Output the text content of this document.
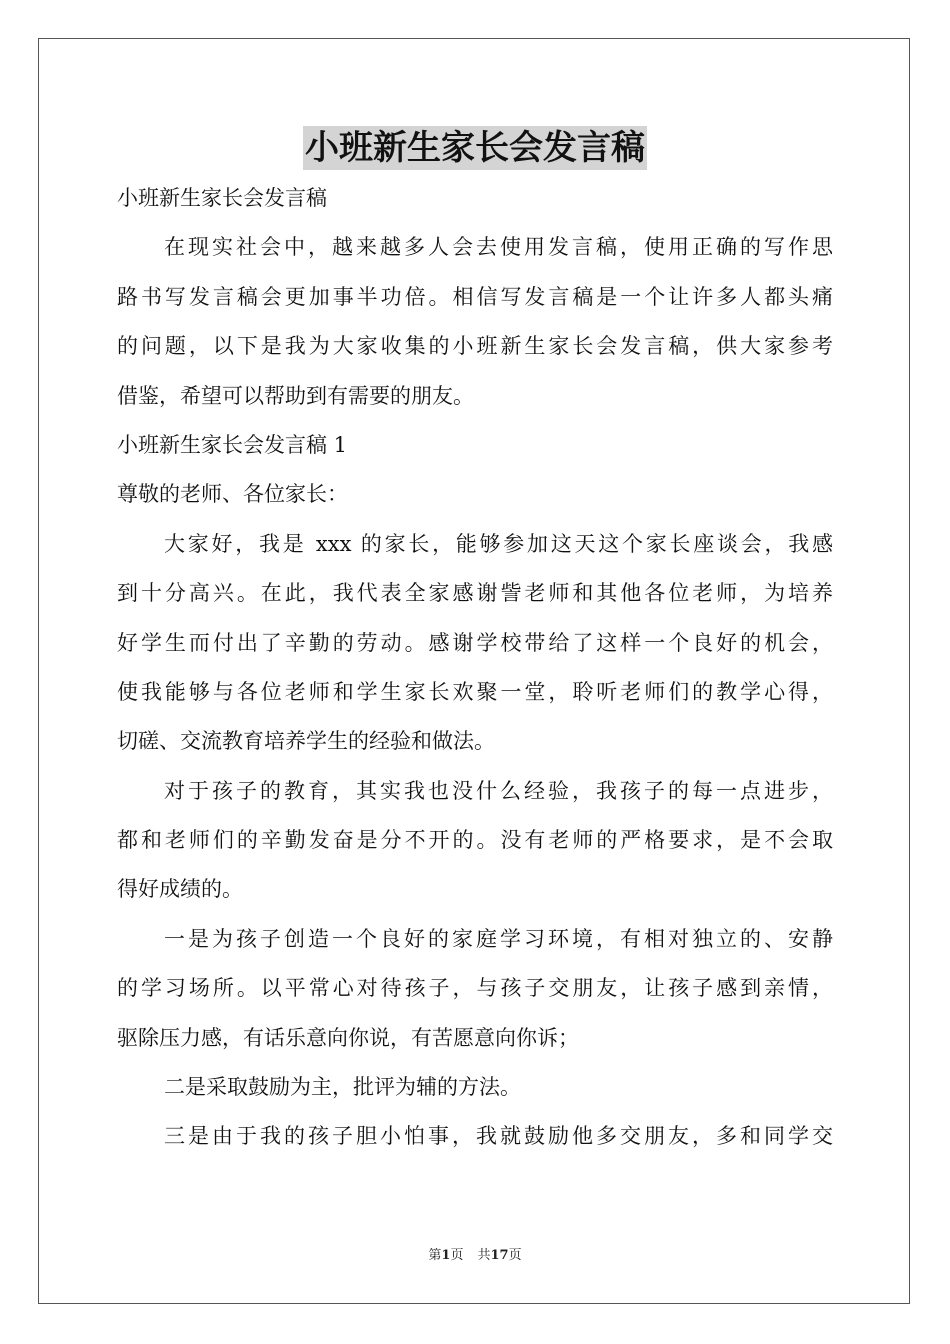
小班新生家长会发言稿
小班新生家长会发言稿
在现实社会中，越来越多人会去使用发言稿，使用正确的写作思
路书写发言稿会更加事半功倍。相信写发言稿是一个让许多人都头痛
的问题，以下是我为大家收集的小班新生家长会发言稿，供大家参考
借鉴，希望可以帮助到有需要的朋友。
小班新生家长会发言稿 1
尊敬的老师、各位家长：
大家好，我是 xxx 的家长，能够参加这天这个家长座谈会，我感
到十分高兴。在此，我代表全家感谢訾老师和其他各位老师，为培养
好学生而付出了辛勤的劳动。感谢学校带给了这样一个良好的机会，
使我能够与各位老师和学生家长欢聚一堂，聆听老师们的教学心得，
切磋、交流教育培养学生的经验和做法。
对于孩子的教育，其实我也没什么经验，我孩子的每一点进步，
都和老师们的辛勤发奋是分不开的。没有老师的严格要求，是不会取
得好成绩的。
一是为孩子创造一个良好的家庭学习环境，有相对独立的、安静
的学习场所。以平常心对待孩子，与孩子交朋友，让孩子感到亲情，
驱除压力感，有话乐意向你说，有苦愿意向你诉；
二是采取鼓励为主，批评为辅的方法。
三是由于我的孩子胆小怕事，我就鼓励他多交朋友，多和同学交
第1页 共17页
